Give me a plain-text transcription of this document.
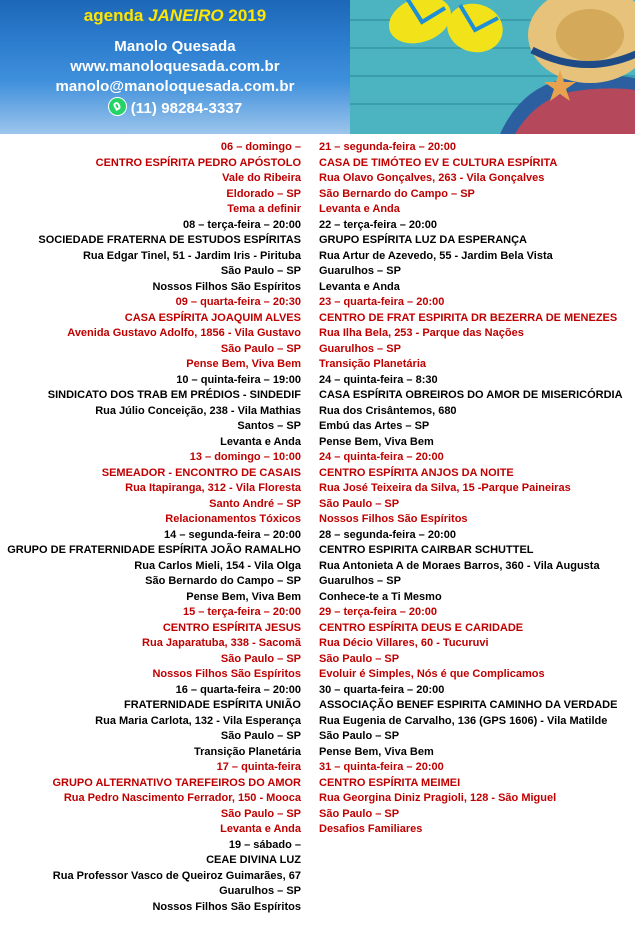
agenda JANEIRO 2019
Manolo Quesada
www.manoloquesada.com.br
manolo@manoloquesada.com.br
(11) 98284-3337
06 – domingo –
CENTRO ESPÍRITA PEDRO APÓSTOLO
Vale do Ribeira
Eldorado – SP
Tema a definir
08 – terça-feira – 20:00
SOCIEDADE FRATERNA DE ESTUDOS ESPÍRITAS
Rua Edgar Tinel, 51 - Jardim Iris - Pirituba
São Paulo – SP
Nossos Filhos São Espíritos
09 – quarta-feira – 20:30
CASA ESPÍRITA JOAQUIM ALVES
Avenida Gustavo Adolfo, 1856 - Vila Gustavo
São Paulo – SP
Pense Bem, Viva Bem
10 – quinta-feira – 19:00
SINDICATO DOS TRAB EM PRÉDIOS - SINDEDIF
Rua Júlio Conceição, 238 - Vila Mathias
Santos – SP
Levanta e Anda
13 – domingo – 10:00
SEMEADOR - ENCONTRO DE CASAIS
Rua Itapiranga, 312 - Vila Floresta
Santo André – SP
Relacionamentos Tóxicos
14 – segunda-feira – 20:00
GRUPO DE FRATERNIDADE ESPÍRITA JOÃO RAMALHO
Rua Carlos Mieli, 154 - Vila Olga
São Bernardo do Campo – SP
Pense Bem, Viva Bem
15 – terça-feira – 20:00
CENTRO ESPÍRITA JESUS
Rua Japaratuba, 338 - Sacomã
São Paulo – SP
Nossos Filhos São Espíritos
16 – quarta-feira – 20:00
FRATERNIDADE ESPÍRITA UNIÃO
Rua Maria Carlota, 132 - Vila Esperança
São Paulo – SP
Transição Planetária
17 – quinta-feira
GRUPO ALTERNATIVO TAREFEIROS DO AMOR
Rua Pedro Nascimento Ferrador, 150 - Mooca
São Paulo – SP
Levanta e Anda
19 – sábado –
CEAE DIVINA LUZ
Rua Professor Vasco de Queiroz Guimarães, 67
Guarulhos – SP
Nossos Filhos São Espíritos
21 – segunda-feira – 20:00
CASA DE TIMÓTEO EV E CULTURA ESPÍRITA
Rua Olavo Gonçalves, 263 - Vila Gonçalves
São Bernardo do Campo – SP
Levanta e Anda
22 – terça-feira – 20:00
GRUPO ESPÍRITA LUZ DA ESPERANÇA
Rua Artur de Azevedo, 55 - Jardim Bela Vista
Guarulhos – SP
Levanta e Anda
23 – quarta-feira – 20:00
CENTRO DE FRAT ESPIRITA DR BEZERRA DE MENEZES
Rua Ilha Bela, 253 - Parque das Nações
Guarulhos – SP
Transição Planetária
24 – quinta-feira – 8:30
CASA ESPÍRITA OBREIROS DO AMOR DE MISERICÓRDIA
Rua dos Crisântemos, 680
Embú das Artes – SP
Pense Bem, Viva Bem
24 – quinta-feira – 20:00
CENTRO ESPÍRITA ANJOS DA NOITE
Rua José Teixeira da Silva, 15 -Parque Paineiras
São Paulo – SP
Nossos Filhos São Espíritos
28 – segunda-feira – 20:00
CENTRO ESPIRITA CAIRBAR SCHUTTEL
Rua Antonieta A de Moraes Barros, 360 - Vila Augusta
Guarulhos – SP
Conhece-te a Ti Mesmo
29 – terça-feira – 20:00
CENTRO ESPÍRITA DEUS E CARIDADE
Rua Décio Villares, 60 - Tucuruvi
São Paulo – SP
Evoluir é Simples, Nós é que Complicamos
30 – quarta-feira – 20:00
ASSOCIAÇÃO BENEF ESPIRITA CAMINHO DA VERDADE
Rua Eugenia de Carvalho, 136 (GPS 1606) - Vila Matilde
São Paulo – SP
Pense Bem, Viva Bem
31 – quinta-feira – 20:00
CENTRO ESPÍRITA MEIMEI
Rua Georgina Diniz Pragioli, 128 - São Miguel
São Paulo – SP
Desafios Familiares
